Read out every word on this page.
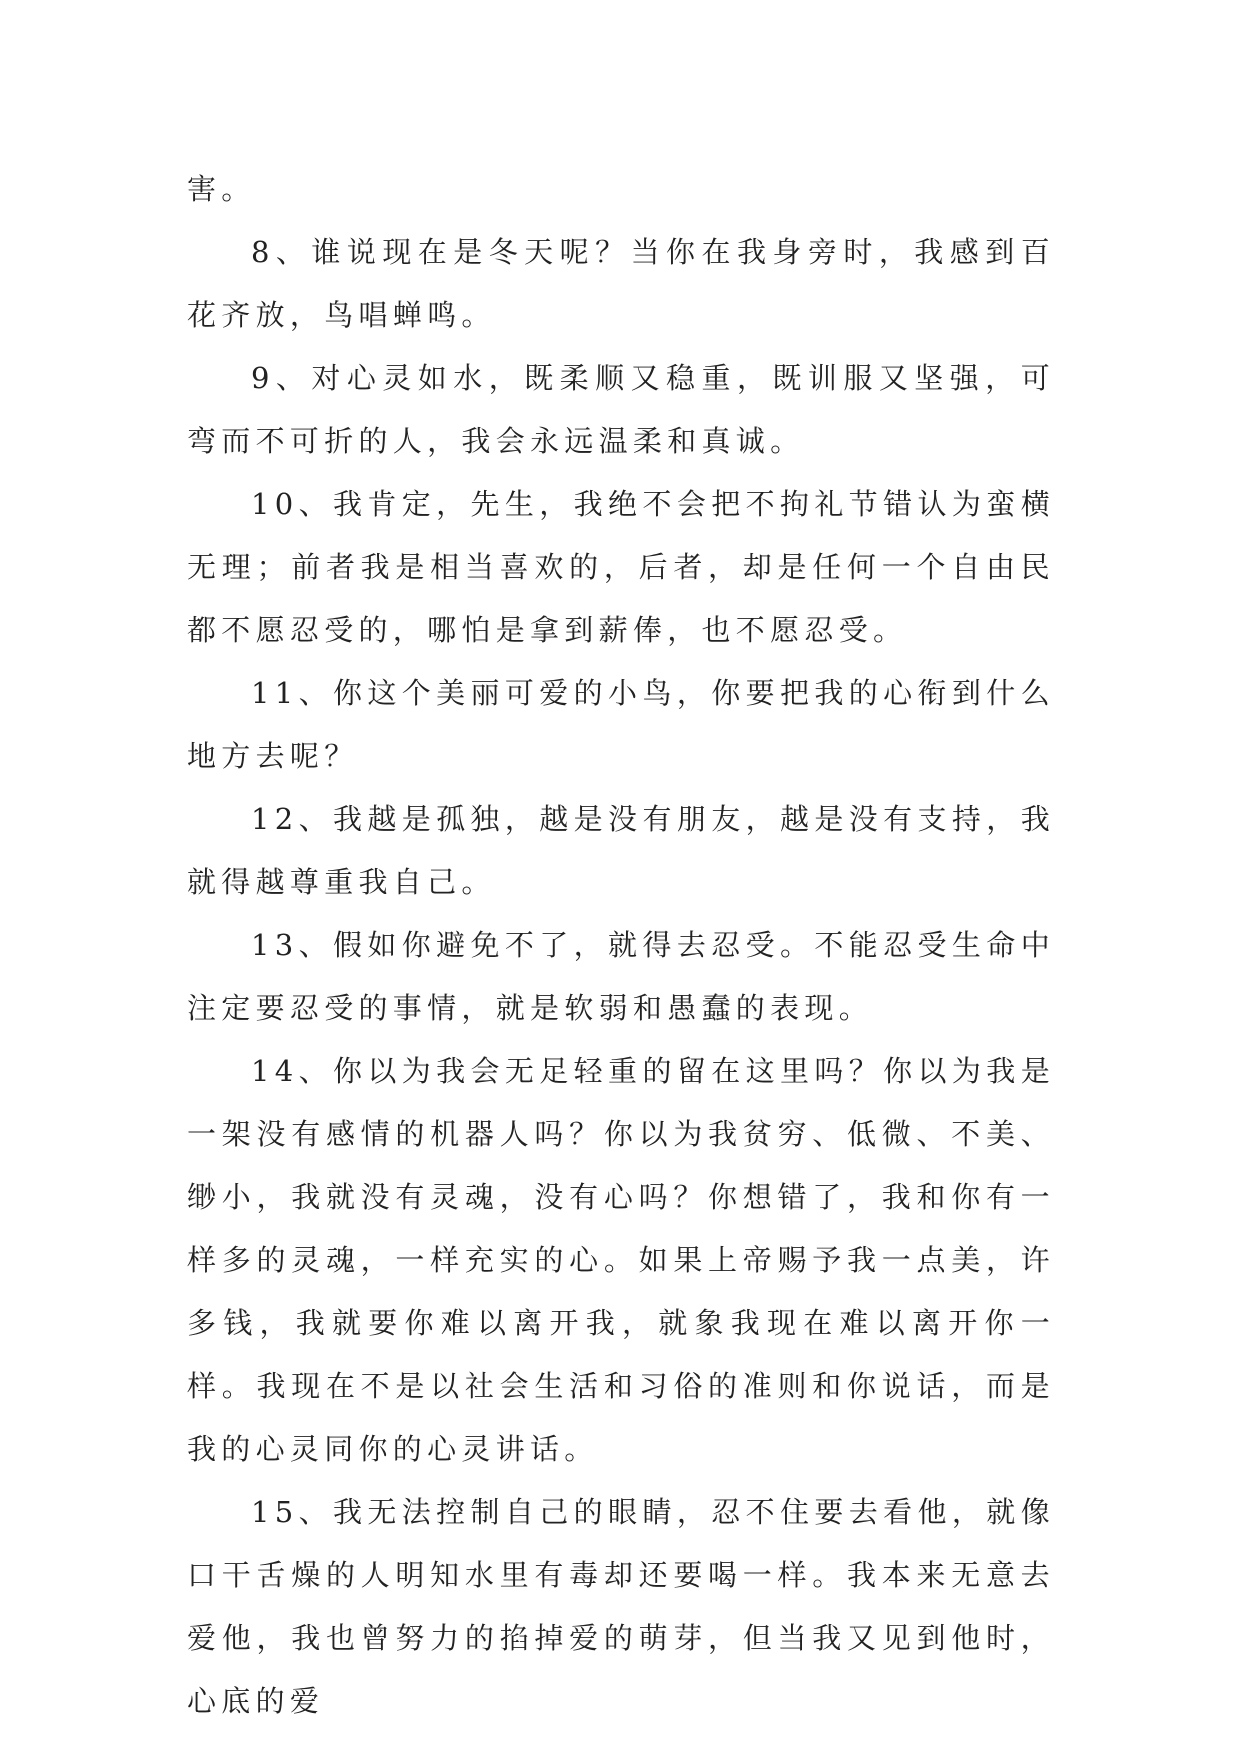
害。

8、谁说现在是冬天呢？当你在我身旁时，我感到百花齐放，鸟唱蝉鸣。

9、对心灵如水，既柔顺又稳重，既训服又坚强，可弯而不可折的人，我会永远温柔和真诚。

10、我肯定，先生，我绝不会把不拘礼节错认为蛮横无理；前者我是相当喜欢的，后者，却是任何一个自由民都不愿忍受的，哪怕是拿到薪俸，也不愿忍受。

11、你这个美丽可爱的小鸟，你要把我的心衔到什么地方去呢？

12、我越是孤独，越是没有朋友，越是没有支持，我就得越尊重我自己。

13、假如你避免不了，就得去忍受。不能忍受生命中注定要忍受的事情，就是软弱和愚蠢的表现。

14、你以为我会无足轻重的留在这里吗？你以为我是一架没有感情的机器人吗？你以为我贫穷、低微、不美、缈小，我就没有灵魂，没有心吗？你想错了，我和你有一样多的灵魂，一样充实的心。如果上帝赐予我一点美，许多钱，我就要你难以离开我，就象我现在难以离开你一样。我现在不是以社会生活和习俗的准则和你说话，而是我的心灵同你的心灵讲话。

15、我无法控制自己的眼睛，忍不住要去看他，就像口干舌燥的人明知水里有毒却还要喝一样。我本来无意去爱他，我也曾努力的掐掉爱的萌芽，但当我又见到他时，心底的爱
